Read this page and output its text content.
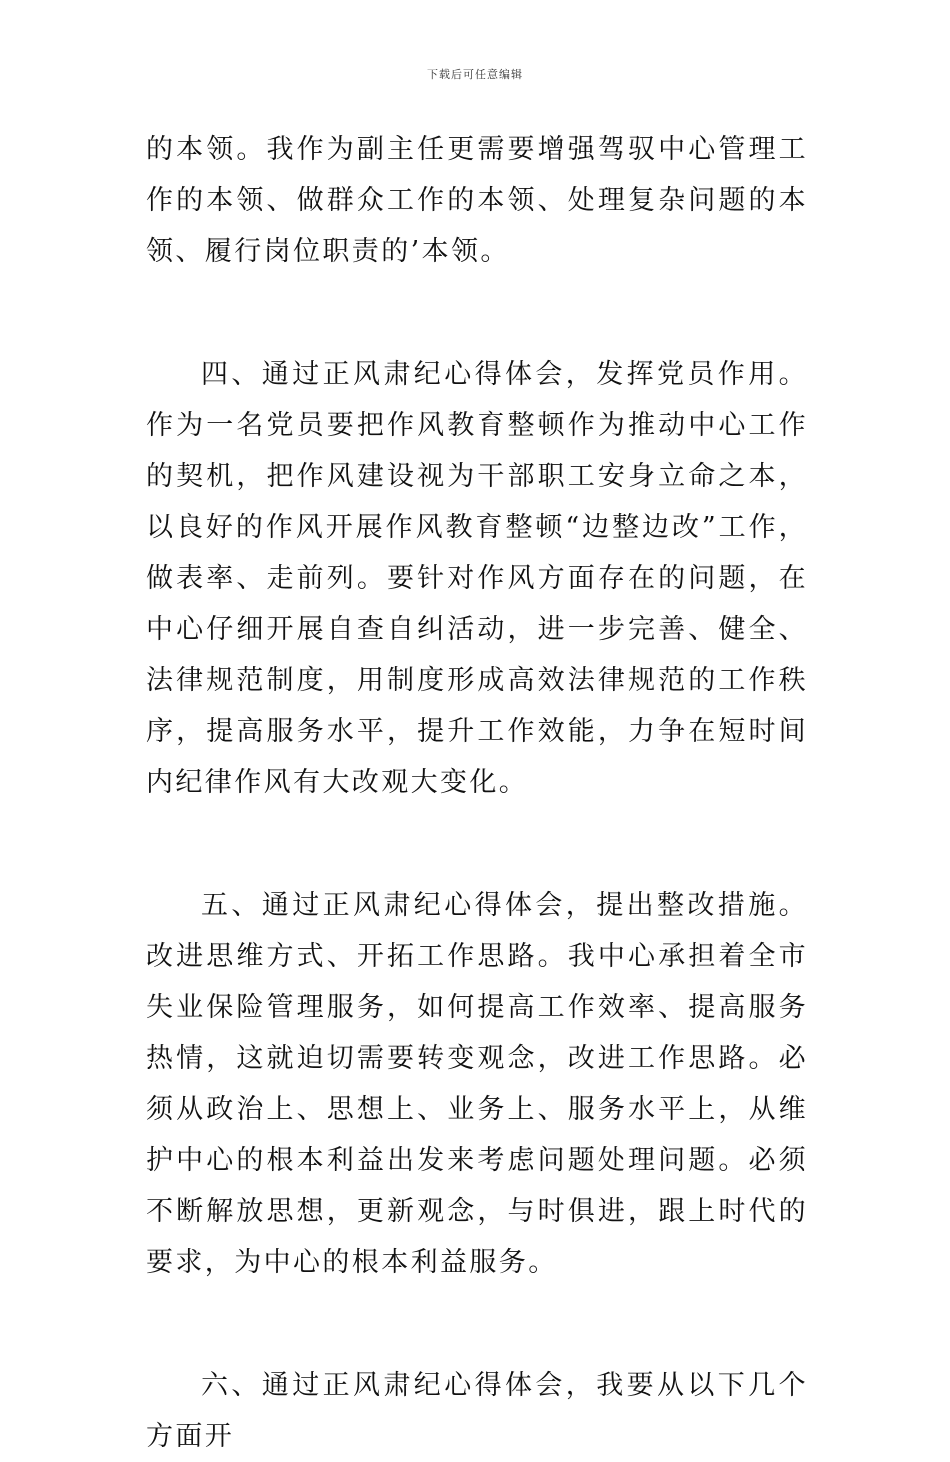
下载后可任意编辑

的本领。我作为副主任更需要增强驾驭中心管理工作的本领、做群众工作的本领、处理复杂问题的本领、履行岗位职责的’本领。

四、通过正风肃纪心得体会，发挥党员作用。作为一名党员要把作风教育整顿作为推动中心工作的契机，把作风建设视为干部职工安身立命之本，以良好的作风开展作风教育整顿“边整边改”工作，做表率、走前列。要针对作风方面存在的问题，在中心仔细开展自查自纠活动，进一步完善、健全、法律规范制度，用制度形成高效法律规范的工作秩序，提高服务水平，提升工作效能，力争在短时间内纪律作风有大改观大变化。

五、通过正风肃纪心得体会，提出整改措施。改进思维方式、开拓工作思路。我中心承担着全市失业保险管理服务，如何提高工作效率、提高服务热情，这就迫切需要转变观念，改进工作思路。必须从政治上、思想上、业务上、服务水平上，从维护中心的根本利益出发来考虑问题处理问题。必须不断解放思想，更新观念，与时俱进，跟上时代的要求，为中心的根本利益服务。

六、通过正风肃纪心得体会，我要从以下几个方面开
